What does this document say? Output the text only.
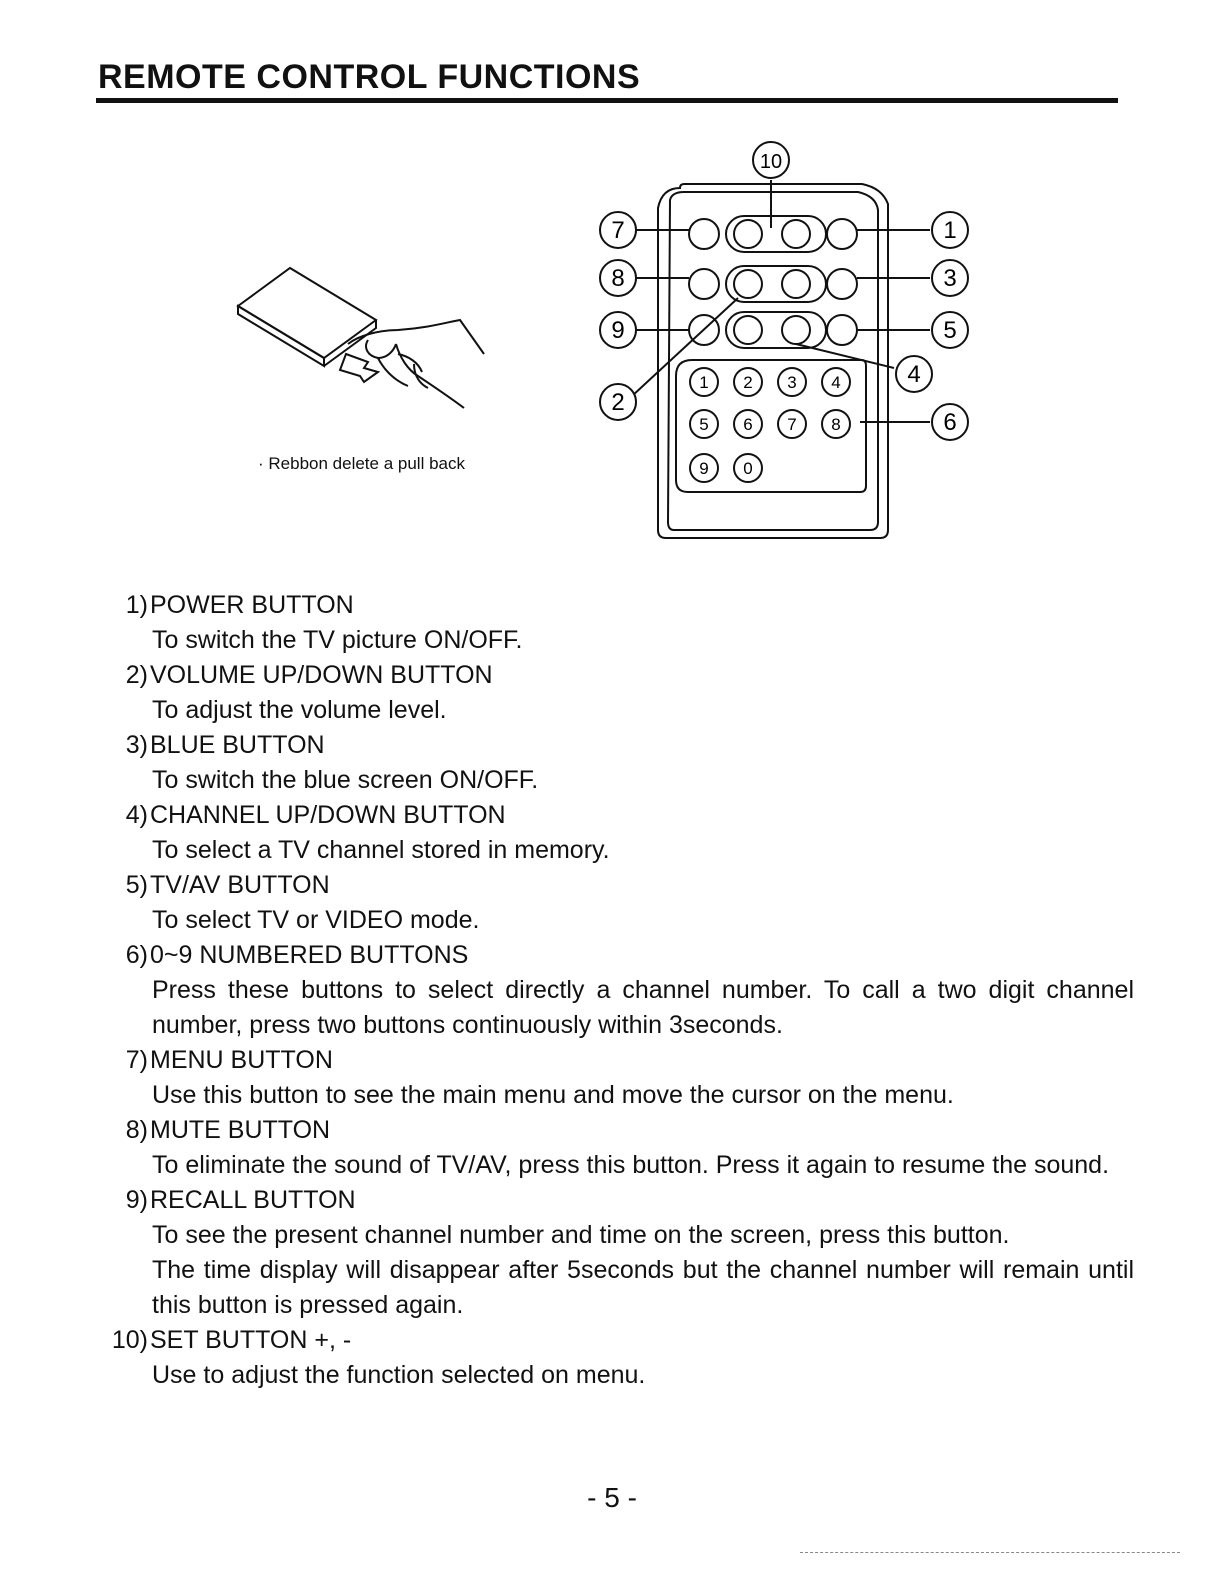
REMOTE CONTROL FUNCTIONS
· Rebbon delete a pull back
1 2 3 4
5 6 7 8
9 0
1
2
3
4
5
6
7
8
9
10
1) POWER BUTTON
To switch the TV picture ON/OFF.
2) VOLUME UP/DOWN BUTTON
To adjust the volume level.
3) BLUE BUTTON
To switch the blue screen ON/OFF.
4) CHANNEL UP/DOWN BUTTON
To select a TV channel stored in memory.
5) TV/AV BUTTON
To select TV or VIDEO mode.
6) 0~9 NUMBERED BUTTONS
Press these buttons to select directly a channel number. To call a two digit channel number, press two buttons continuously within 3seconds.
7) MENU BUTTON
Use this button to see the main menu and move the cursor on the menu.
8) MUTE BUTTON
To eliminate the sound of TV/AV, press this button. Press it again to resume the sound.
9) RECALL BUTTON
To see the present channel number and time on the screen, press this button.
The time display will disappear after 5seconds but the channel number will remain until this button is pressed again.
10) SET BUTTON +, -
Use to adjust the function selected on menu.
- 5 -
